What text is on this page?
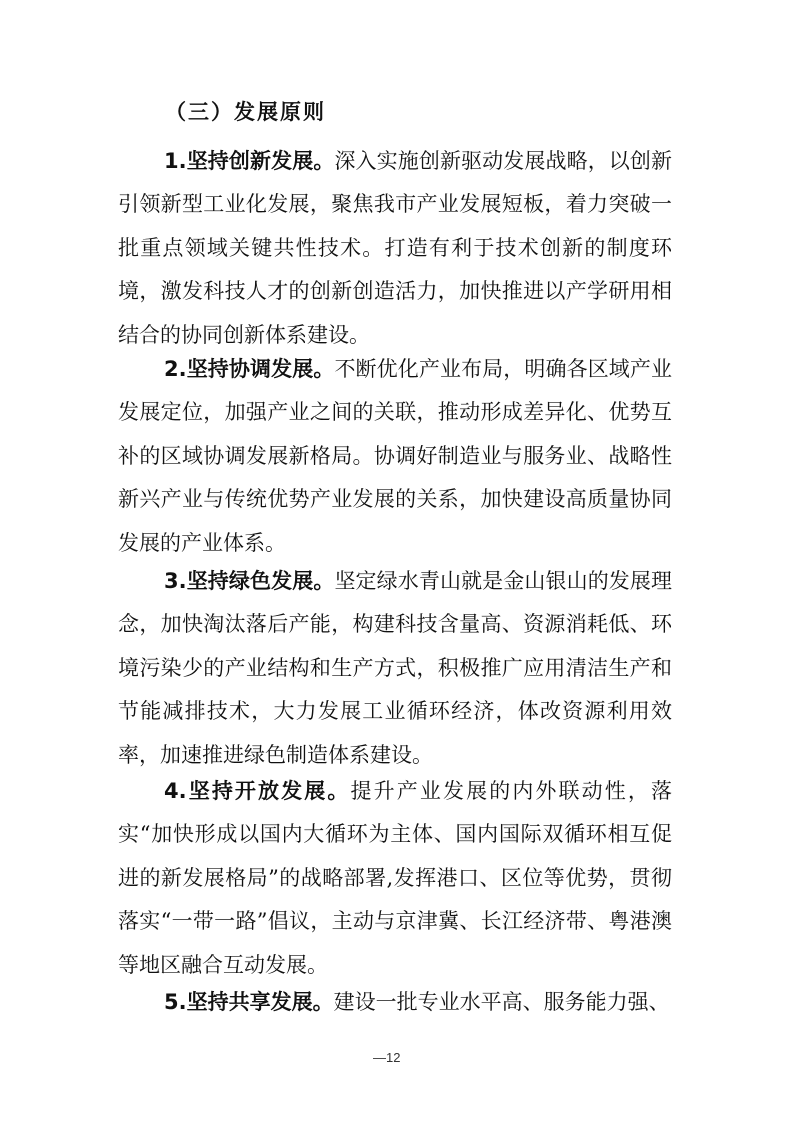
（三）发展原则

1.坚持创新发展。深入实施创新驱动发展战略，以创新引领新型工业化发展，聚焦我市产业发展短板，着力突破一批重点领域关键共性技术。打造有利于技术创新的制度环境，激发科技人才的创新创造活力，加快推进以产学研用相结合的协同创新体系建设。

2.坚持协调发展。不断优化产业布局，明确各区域产业发展定位，加强产业之间的关联，推动形成差异化、优势互补的区域协调发展新格局。协调好制造业与服务业、战略性新兴产业与传统优势产业发展的关系，加快建设高质量协同发展的产业体系。

3.坚持绿色发展。坚定绿水青山就是金山银山的发展理念，加快淘汰落后产能，构建科技含量高、资源消耗低、环境污染少的产业结构和生产方式，积极推广应用清洁生产和节能减排技术，大力发展工业循环经济，体改资源利用效率，加速推进绿色制造体系建设。

4.坚持开放发展。提升产业发展的内外联动性，落实“加快形成以国内大循环为主体、国内国际双循环相互促进的新发展格局”的战略部署,发挥港口、区位等优势，贯彻落实“一带一路”倡议，主动与京津冀、长江经济带、粤港澳等地区融合互动发展。

5.坚持共享发展。建设一批专业水平高、服务能力强、

—12
